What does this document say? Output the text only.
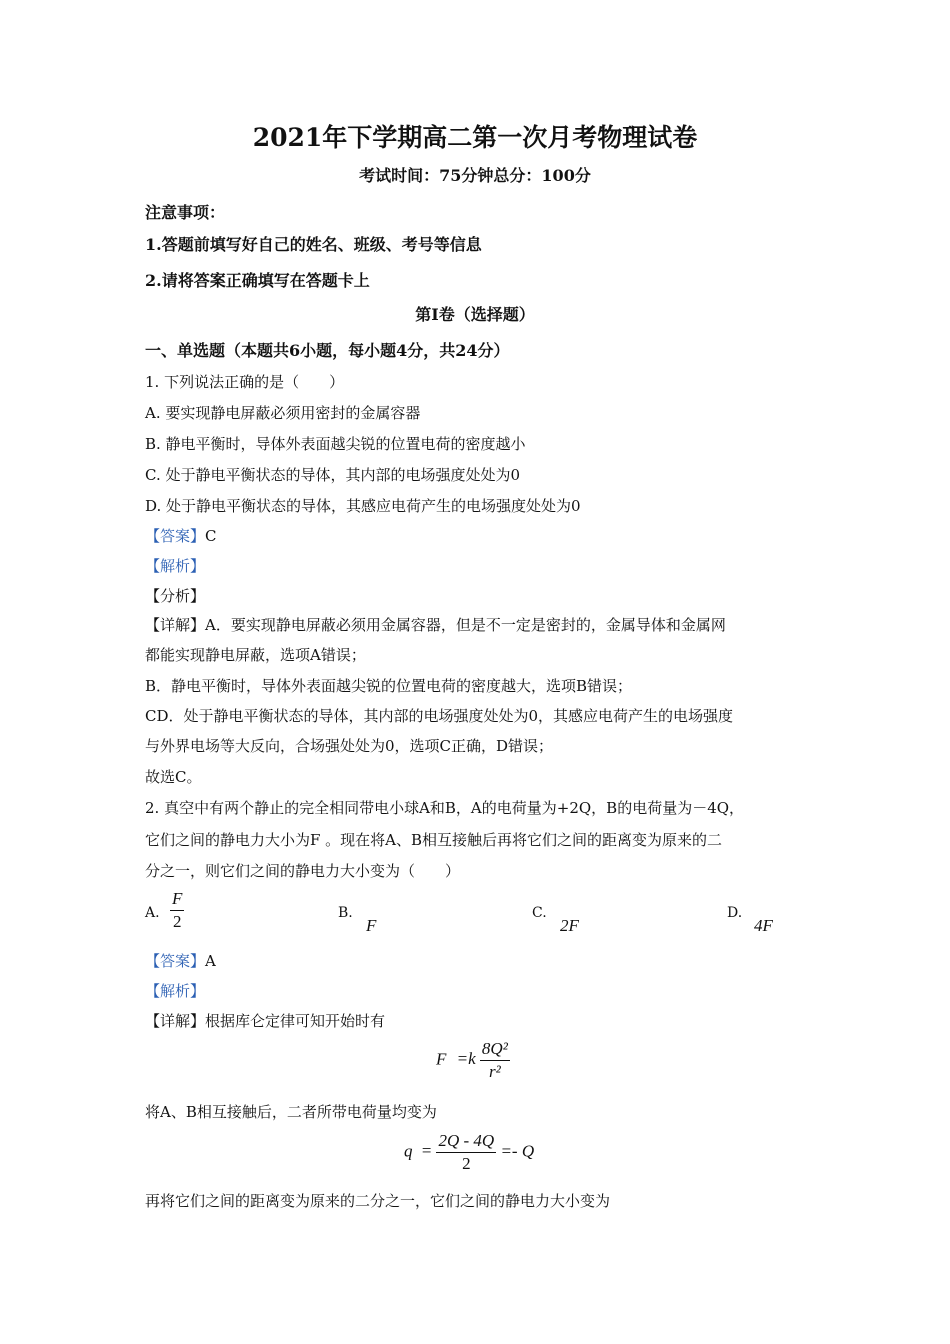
2021年下学期高二第一次月考物理试卷
考试时间：75分钟总分：100分
注意事项：
1.答题前填写好自己的姓名、班级、考号等信息
2.请将答案正确填写在答题卡上
第I卷（选择题）
一、单选题（本题共6小题，每小题4分，共24分）
1. 下列说法正确的是（　　）
A. 要实现静电屏蔽必须用密封的金属容器
B. 静电平衡时，导体外表面越尖锐的位置电荷的密度越小
C. 处于静电平衡状态的导体，其内部的电场强度处处为0
D. 处于静电平衡状态的导体，其感应电荷产生的电场强度处处为0
【答案】C
【解析】
【分析】
【详解】A．要实现静电屏蔽必须用金属容器，但是不一定是密封的，金属导体和金属网
都能实现静电屏蔽，选项A错误；
B．静电平衡时，导体外表面越尖锐的位置电荷的密度越大，选项B错误；
CD．处于静电平衡状态的导体，其内部的电场强度处处为0，其感应电荷产生的电场强度
与外界电场等大反向，合场强处处为0，选项C正确，D错误；
故选C。
2. 真空中有两个静止的完全相同带电小球A和B，A的电荷量为+2Q，B的电荷量为－4Q，
它们之间的静电力大小为F 。现在将A、B相互接触后再将它们之间的距离变为原来的二
分之一，则它们之间的静电力大小变为（　　）
A. $\frac{F}{2}$	B.
F
C.
2F
D.
4F
【答案】A
【解析】
【详解】根据库仑定律可知开始时有
$F =k \frac{\text{8Q²}}{\text{r²}}$
将A、B相互接触后，二者所带电荷量均变为
$q = \frac{2Q - 4Q}{2} =- Q$
再将它们之间的距离变为原来的二分之一，它们之间的静电力大小变为
